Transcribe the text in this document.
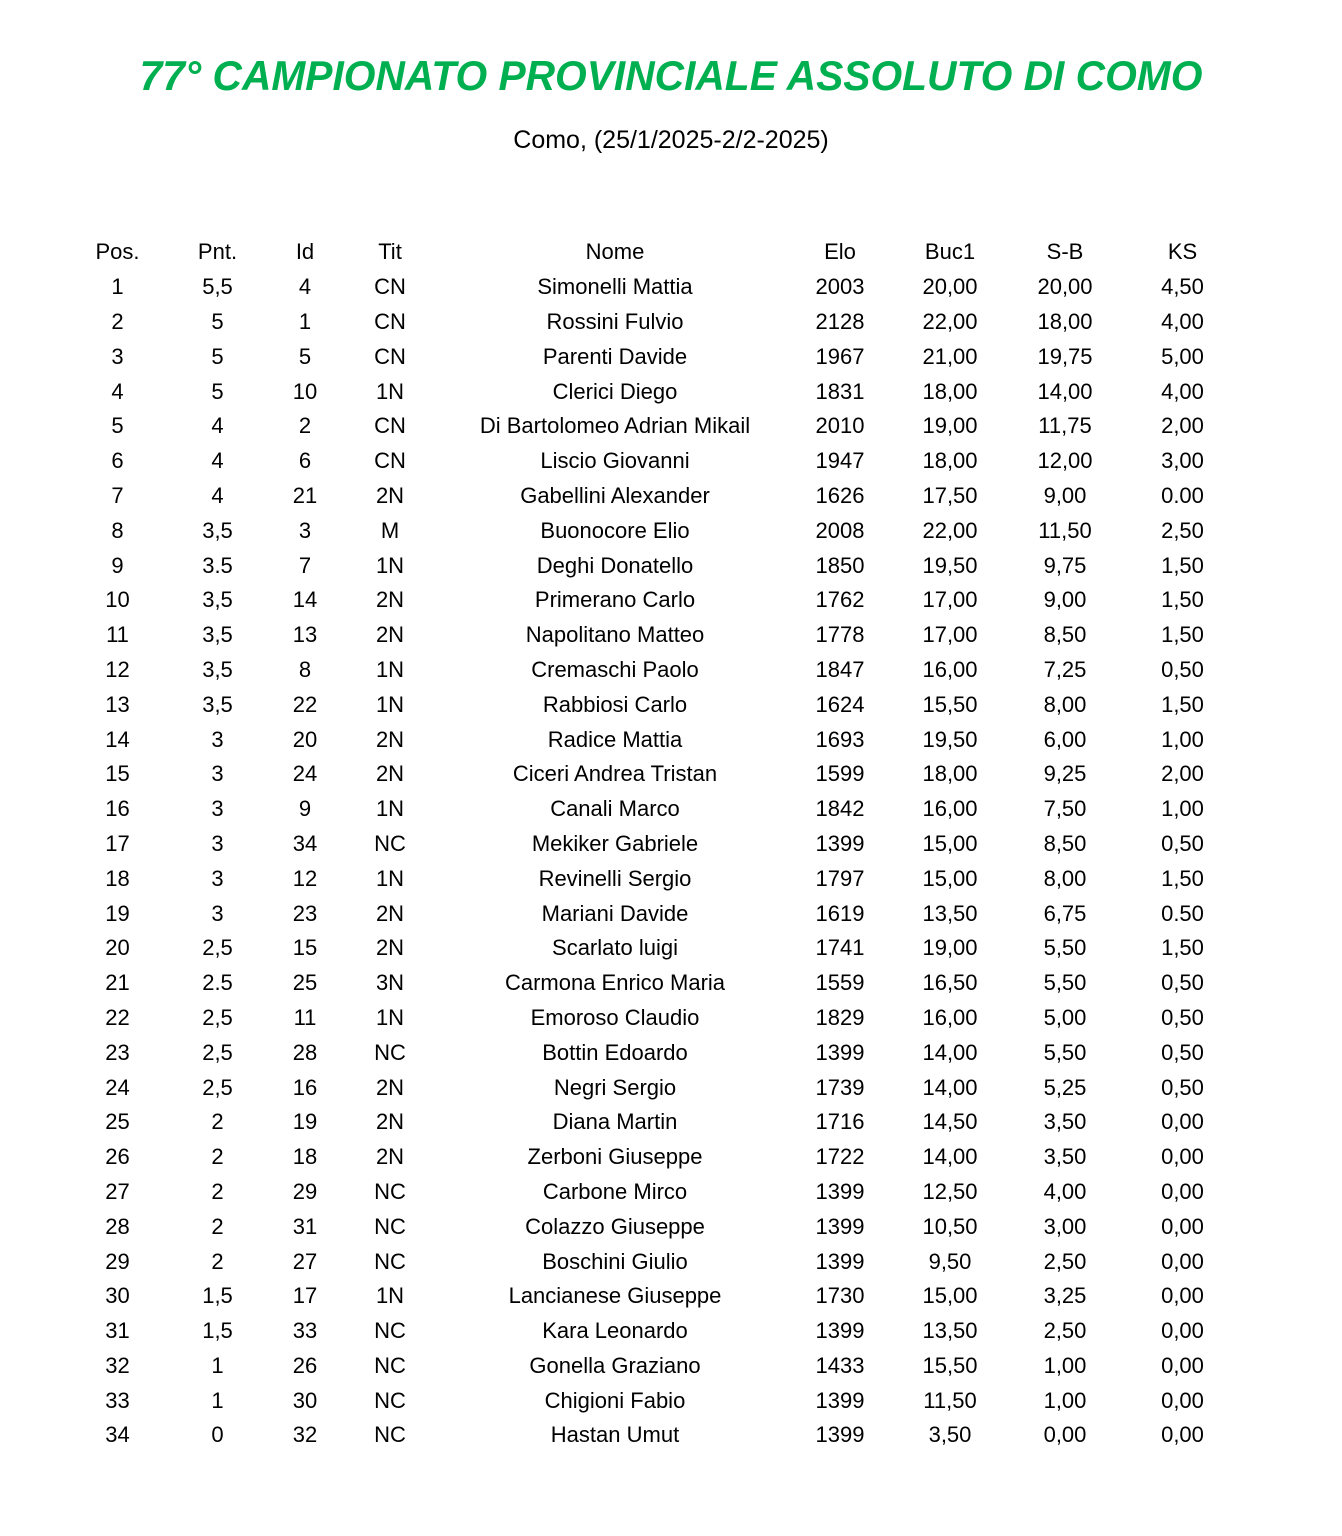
77° CAMPIONATO PROVINCIALE ASSOLUTO DI COMO

Como, (25/1/2025-2/2-2025)

Pos.	Pnt.	Id	Tit	Nome	Elo	Buc1	S-B	KS
1	5,5	4	CN	Simonelli Mattia	2003	20,00	20,00	4,50
2	5	1	CN	Rossini Fulvio	2128	22,00	18,00	4,00
3	5	5	CN	Parenti Davide	1967	21,00	19,75	5,00
4	5	10	1N	Clerici Diego	1831	18,00	14,00	4,00
5	4	2	CN	Di Bartolomeo Adrian Mikail	2010	19,00	11,75	2,00
6	4	6	CN	Liscio Giovanni	1947	18,00	12,00	3,00
7	4	21	2N	Gabellini Alexander	1626	17,50	9,00	0.00
8	3,5	3	M	Buonocore Elio	2008	22,00	11,50	2,50
9	3.5	7	1N	Deghi Donatello	1850	19,50	9,75	1,50
10	3,5	14	2N	Primerano Carlo	1762	17,00	9,00	1,50
11	3,5	13	2N	Napolitano Matteo	1778	17,00	8,50	1,50
12	3,5	8	1N	Cremaschi Paolo	1847	16,00	7,25	0,50
13	3,5	22	1N	Rabbiosi Carlo	1624	15,50	8,00	1,50
14	3	20	2N	Radice Mattia	1693	19,50	6,00	1,00
15	3	24	2N	Ciceri Andrea Tristan	1599	18,00	9,25	2,00
16	3	9	1N	Canali Marco	1842	16,00	7,50	1,00
17	3	34	NC	Mekiker Gabriele	1399	15,00	8,50	0,50
18	3	12	1N	Revinelli Sergio	1797	15,00	8,00	1,50
19	3	23	2N	Mariani Davide	1619	13,50	6,75	0.50
20	2,5	15	2N	Scarlato luigi	1741	19,00	5,50	1,50
21	2.5	25	3N	Carmona Enrico Maria	1559	16,50	5,50	0,50
22	2,5	11	1N	Emoroso Claudio	1829	16,00	5,00	0,50
23	2,5	28	NC	Bottin Edoardo	1399	14,00	5,50	0,50
24	2,5	16	2N	Negri Sergio	1739	14,00	5,25	0,50
25	2	19	2N	Diana Martin	1716	14,50	3,50	0,00
26	2	18	2N	Zerboni Giuseppe	1722	14,00	3,50	0,00
27	2	29	NC	Carbone Mirco	1399	12,50	4,00	0,00
28	2	31	NC	Colazzo Giuseppe	1399	10,50	3,00	0,00
29	2	27	NC	Boschini Giulio	1399	9,50	2,50	0,00
30	1,5	17	1N	Lancianese Giuseppe	1730	15,00	3,25	0,00
31	1,5	33	NC	Kara Leonardo	1399	13,50	2,50	0,00
32	1	26	NC	Gonella Graziano	1433	15,50	1,00	0,00
33	1	30	NC	Chigioni Fabio	1399	11,50	1,00	0,00
34	0	32	NC	Hastan Umut	1399	3,50	0,00	0,00
